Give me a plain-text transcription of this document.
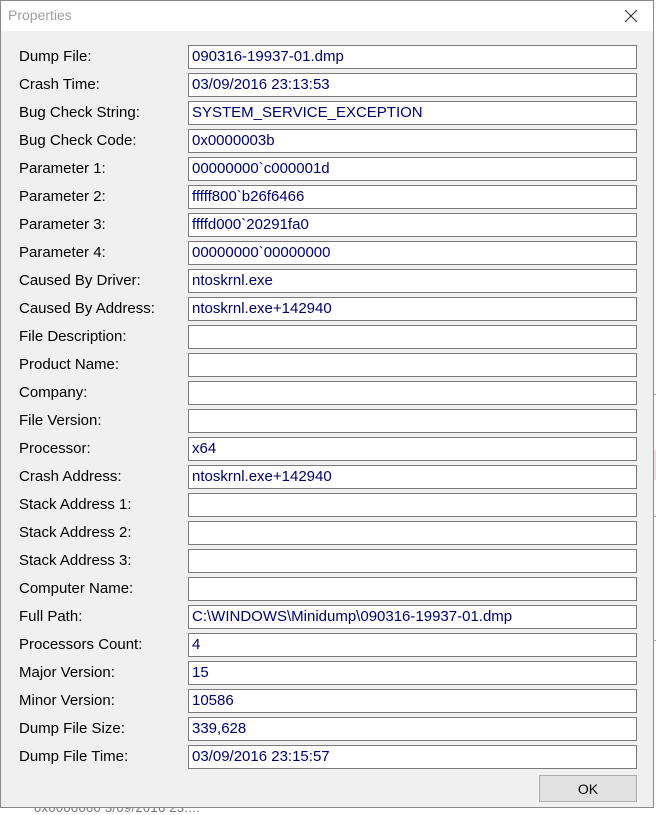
Properties
Dump File:	090316-19937-01.dmp
Crash Time:	03/09/2016 23:13:53
Bug Check String:	SYSTEM_SERVICE_EXCEPTION
Bug Check Code:	0x0000003b
Parameter 1:	00000000`c000001d
Parameter 2:	fffff800`b26f6466
Parameter 3:	ffffd000`20291fa0
Parameter 4:	00000000`00000000
Caused By Driver:	ntoskrnl.exe
Caused By Address: ntoskrnl.exe+142940
File Description:
Product Name:
Company:
File Version:
Processor:	x64
Crash Address:	ntoskrnl.exe+142940
Stack Address 1:
Stack Address 2:
Stack Address 3:
Computer Name:
Full Path:	C:\WINDOWS\Minidump\090316-19937-01.dmp
Processors Count:	4
Major Version:	15
Minor Version:	10586
Dump File Size:	339,628
Dump File Time:	03/09/2016 23:15:57
OK
